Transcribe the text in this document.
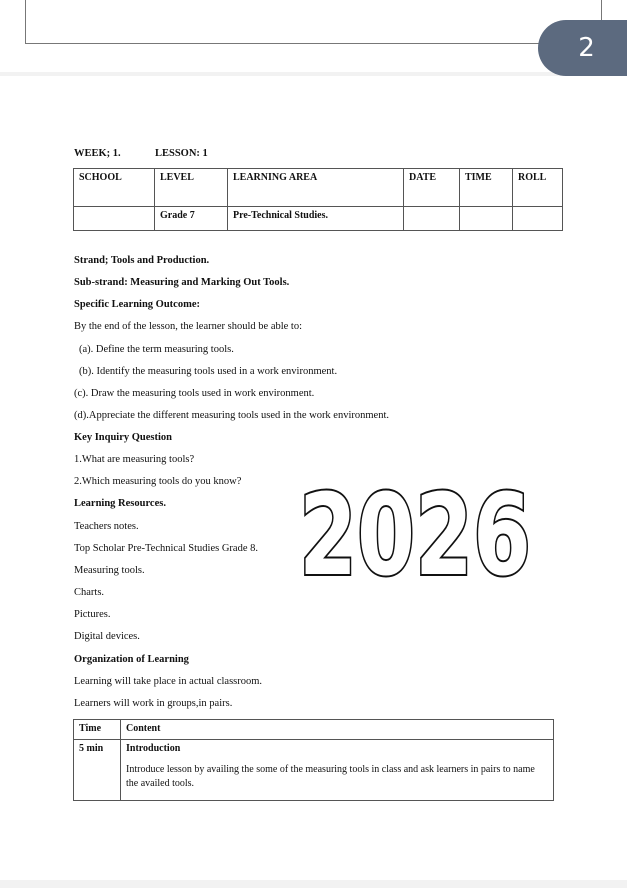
2
WEEK; 1.	LESSON: 1
SCHOOL	LEVEL	LEARNING AREA	DATE	TIME	ROLL
	Grade 7	Pre-Technical Studies.			
Strand; Tools and Production.
Sub-strand: Measuring and Marking Out Tools.
Specific Learning Outcome:
By the end of the lesson, the learner should be able to:
(a). Define the term measuring tools.
(b). Identify the measuring tools used in a work environment.
(c). Draw the measuring tools used in work environment.
(d).Appreciate the different measuring tools used in the work environment.
Key Inquiry Question
1.What are measuring tools?
2.Which measuring tools do you know?
Learning Resources.
Teachers notes.
Top Scholar Pre-Technical Studies Grade 8.
Measuring tools.
Charts.
Pictures.
Digital devices.
Organization of Learning
Learning will take place in actual classroom.
Learners will work in groups,in pairs.
Time	Content
5 min	Introduction
Introduce lesson by availing the some of the measuring tools in class and ask learners in pairs to name the availed tools.
2026
